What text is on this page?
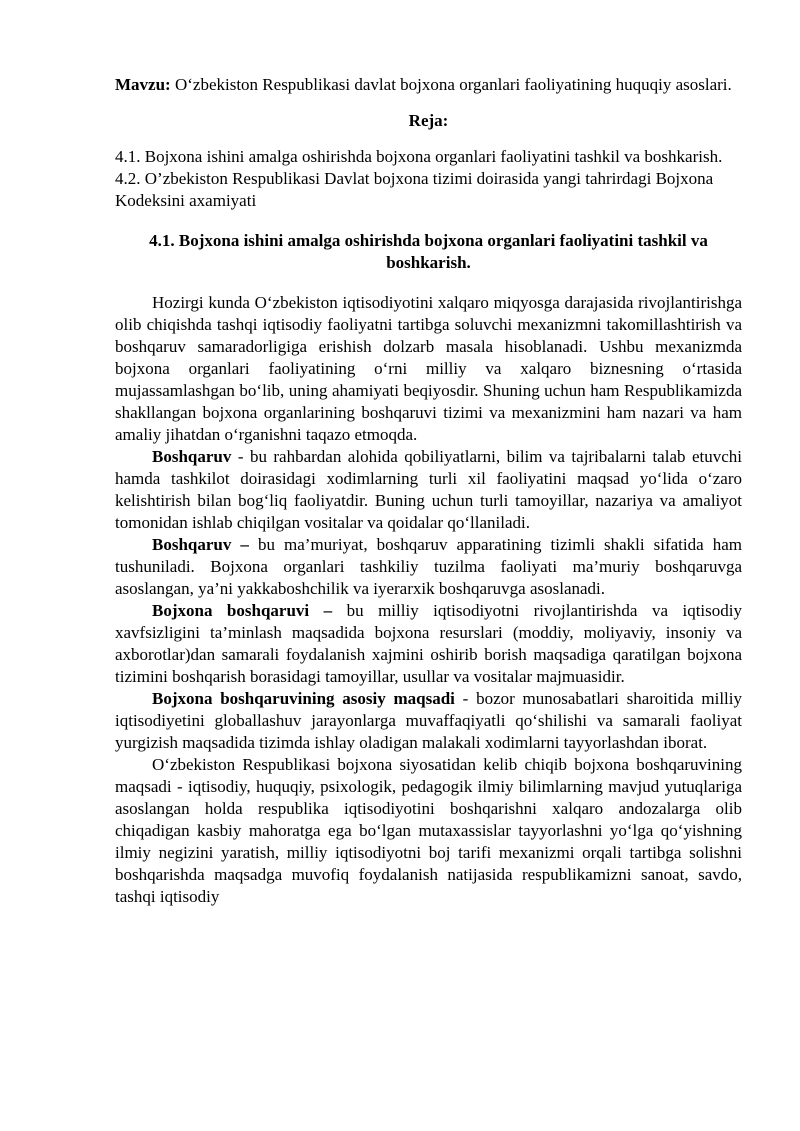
Mavzu: O‘zbekiston Respublikasi davlat bojxona organlari faoliyatining huquqiy asoslari.

Reja:

4.1. Bojxona ishini amalga oshirishda bojxona organlari faoliyatini tashkil va boshkarish.

4.2. O’zbekiston Respublikasi Davlat bojxona tizimi doirasida yangi tahrirdagi Bojxona Kodeksini axamiyati

4.1. Bojxona ishini amalga oshirishda bojxona organlari faoliyatini tashkil va boshkarish.

Hozirgi kunda O‘zbekiston iqtisodiyotini xalqaro miqyosga darajasida rivojlantirishga olib chiqishda tashqi iqtisodiy faoliyatni tartibga soluvchi mexanizmni takomillashtirish va boshqaruv samaradorligiga erishish dolzarb masala hisoblanadi. Ushbu mexanizmda bojxona organlari faoliyatining o‘rni milliy va xalqaro biznesning o‘rtasida mujassamlashgan bo‘lib, uning ahamiyati beqiyosdir. Shuning uchun ham Respublikamizda shakllangan bojxona organlarining boshqaruvi tizimi va mexanizmini ham nazari va ham amaliy jihatdan o‘rganishni taqazo etmoqda.

Boshqaruv - bu rahbardan alohida qobiliyatlarni, bilim va tajribalarni talab etuvchi hamda tashkilot doirasidagi xodimlarning turli xil faoliyatini maqsad yo‘lida o‘zaro kelishtirish bilan bog‘liq faoliyatdir. Buning uchun turli tamoyillar, nazariya va amaliyot tomonidan ishlab chiqilgan vositalar va qoidalar qo‘llaniladi.

Boshqaruv – bu ma’muriyat, boshqaruv apparatining tizimli shakli sifatida ham tushuniladi. Bojxona organlari tashkiliy tuzilma faoliyati ma’muriy boshqaruvga asoslangan, ya’ni yakkaboshchilik va iyerarxik boshqaruvga asoslanadi.

Bojxona boshqaruvi – bu milliy iqtisodiyotni rivojlantirishda va iqtisodiy xavfsizligini ta’minlash maqsadida bojxona resurslari (moddiy, moliyaviy, insoniy va axborotlar)dan samarali foydalanish xajmini oshirib borish maqsadiga qaratilgan bojxona tizimini boshqarish borasidagi tamoyillar, usullar va vositalar majmuasidir.

Bojxona boshqaruvining asosiy maqsadi - bozor munosabatlari sharoitida milliy iqtisodiyetini globallashuv jarayonlarga muvaffaqiyatli qo‘shilishi va samarali faoliyat yurgizish maqsadida tizimda ishlay oladigan malakali xodimlarni tayyorlashdan iborat.

O‘zbekiston Respublikasi bojxona siyosatidan kelib chiqib bojxona boshqaruvining maqsadi - iqtisodiy, huquqiy, psixologik, pedagogik ilmiy bilimlarning mavjud yutuqlariga asoslangan holda respublika iqtisodiyotini boshqarishni xalqaro andozalarga olib chiqadigan kasbiy mahoratga ega bo‘lgan mutaxassislar tayyorlashni yo‘lga qo‘yishning ilmiy negizini yaratish, milliy iqtisodiyotni boj tarifi mexanizmi orqali tartibga solishni boshqarishda maqsadga muvofiq foydalanish natijasida respublikamizni sanoat, savdo, tashqi iqtisodiy
